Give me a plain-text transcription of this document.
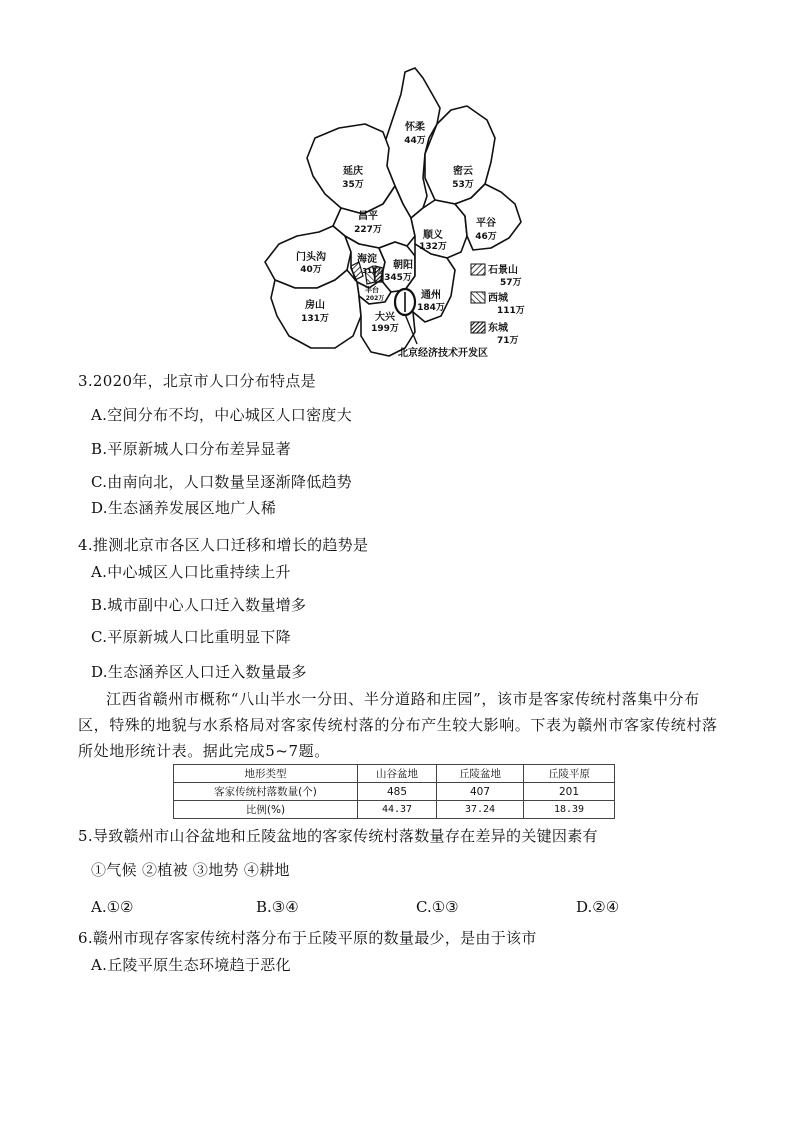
怀柔
44万
延庆
35万
密云
53万
昌平
227万	顺义
132万
平谷
46万
门头沟
40万
海淀
313万 朝阳
345万
丰台
202万	通州
184万
房山
131万	大兴
199万
石景山
57万
西城
111万
东城
71万
北京经济技术开发区
3.2020年，北京市人口分布特点是
A.空间分布不均，中心城区人口密度大
B.平原新城人口分布差异显著
C.由南向北，人口数量呈逐渐降低趋势
D.生态涵养发展区地广人稀
4.推测北京市各区人口迁移和增长的趋势是
A.中心城区人口比重持续上升
B.城市副中心人口迁入数量增多
C.平原新城人口比重明显下降
D.生态涵养区人口迁入数量最多
江西省赣州市概称“八山半水一分田、半分道路和庄园”，该市是客家传统村落集中分布区，特殊的地貌与水系格局对客家传统村落的分布产生较大影响。下表为赣州市客家传统村落所处地形统计表。据此完成5~7题。
地形类型	山谷盆地	丘陵盆地	丘陵平原
客家传统村落数量(个)	485	407	201
比例(%)	44.37	37.24	18.39
5.导致赣州市山谷盆地和丘陵盆地的客家传统村落数量存在差异的关键因素有
①气候 ②植被 ③地势 ④耕地
A.①②	B.③④	C.①③	D.②④
6.赣州市现存客家传统村落分布于丘陵平原的数量最少，是由于该市
A.丘陵平原生态环境趋于恶化
